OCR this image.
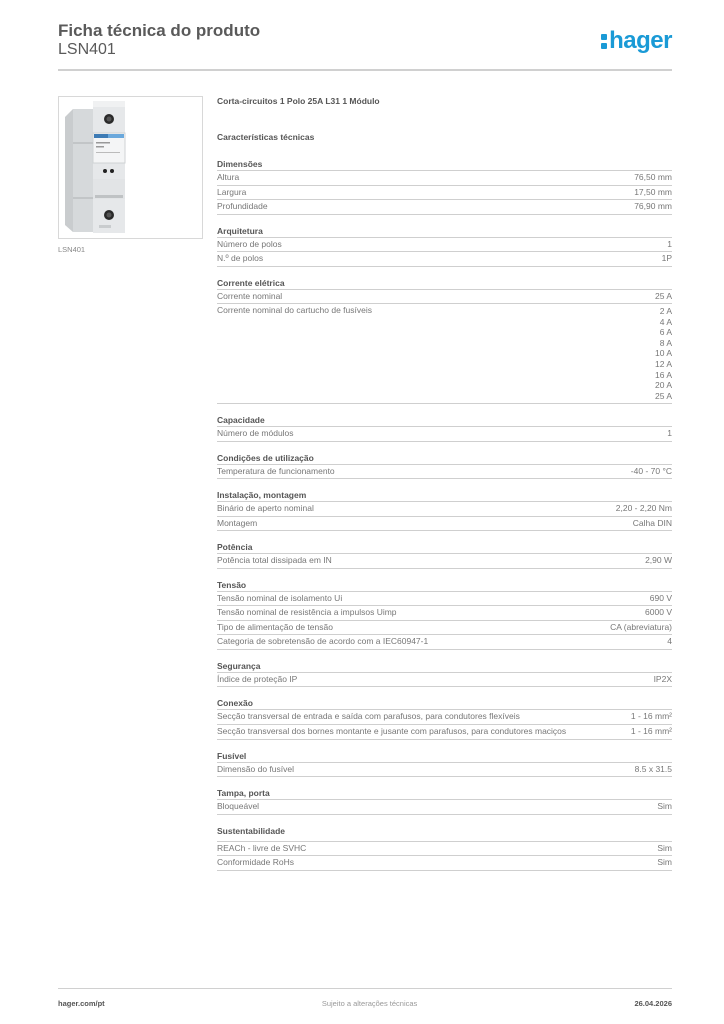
Ficha técnica do produto
LSN401	hager
LSN401
Corta-circuitos 1 Polo 25A L31 1 Módulo
Características técnicas
Dimensões
Altura	76,50 mm
Largura	17,50 mm
Profundidade	76,90 mm
Arquitetura
Número de polos	1
N.º de polos	1P
Corrente elétrica
Corrente nominal	25 A
Corrente nominal do cartucho de fusíveis	2 A
4 A
6 A
8 A
10 A
12 A
16 A
20 A
25 A
Capacidade
Número de módulos	1
Condições de utilização
Temperatura de funcionamento	-40 - 70 °C
Instalação, montagem
Binário de aperto nominal	2,20 - 2,20 Nm
Montagem	Calha DIN
Potência
Potência total dissipada em IN	2,90 W
Tensão
Tensão nominal de isolamento Ui	690 V
Tensão nominal de resistência a impulsos Uimp	6000 V
Tipo de alimentação de tensão	CA (abreviatura)
Categoria de sobretensão de acordo com a IEC60947-1	4
Segurança
Índice de proteção IP	IP2X
Conexão
Secção transversal de entrada e saída com parafusos, para condutores flexíveis	1 - 16 mm²
Secção transversal dos bornes montante e jusante com parafusos, para condutores maciços	1 - 16 mm²
Fusível
Dimensão do fusível	8.5 x 31.5
Tampa, porta
Bloqueável	Sim
Sustentabilidade
REACh - livre de SVHC	Sim
Conformidade RoHs	Sim
hager.com/pt	Sujeito a alterações técnicas	26.04.2026
